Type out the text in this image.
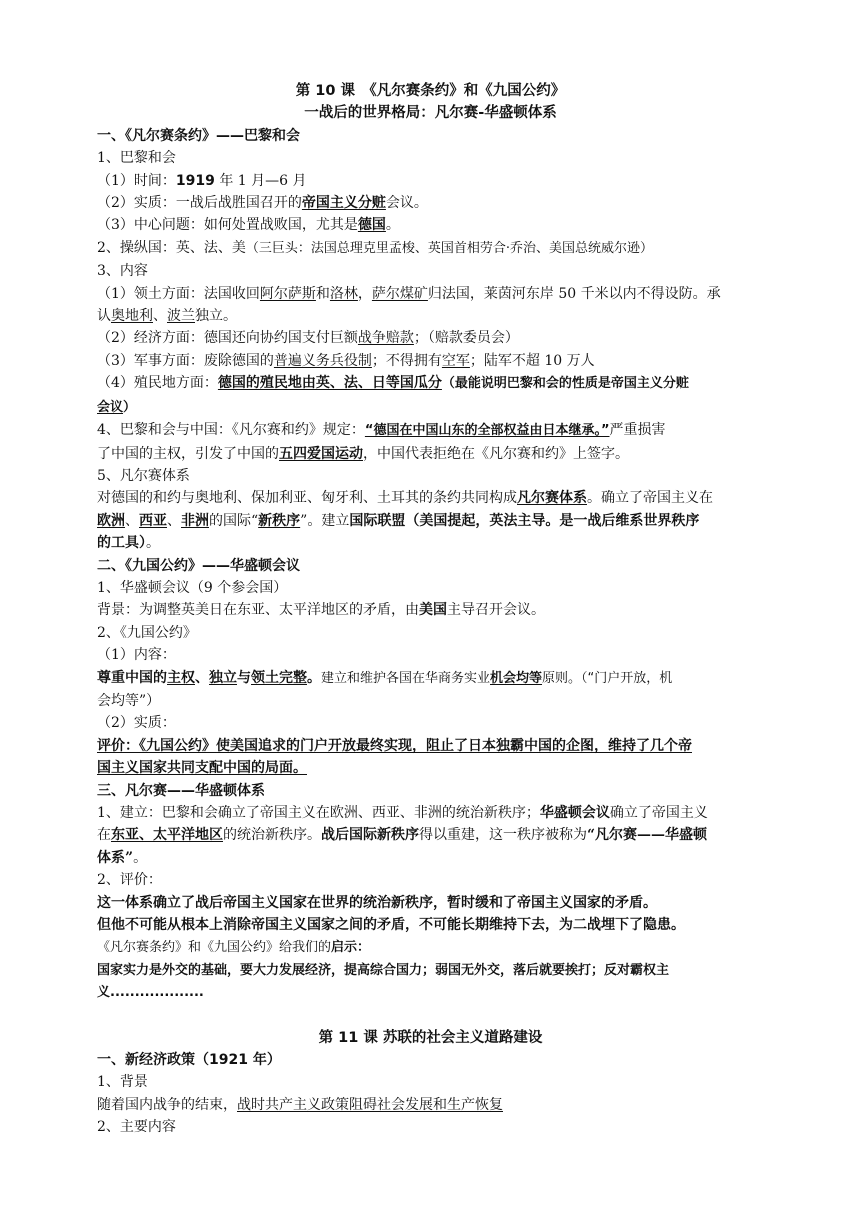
第 10 课　《凡尔赛条约》和《九国公约》
一战后的世界格局：凡尔赛-华盛顿体系
一、《凡尔赛条约》——巴黎和会
1、巴黎和会
（1）时间：1919 年 1 月—6 月
（2）实质：一战后战胜国召开的帝国主义分赃会议。
（3）中心问题：如何处置战败国，尤其是德国。
2、操纵国：英、法、美（三巨头：法国总理克里孟梭、英国首相劳合·乔治、美国总统威尔逊）
3、内容
（1）领土方面：法国收回阿尔萨斯和洛林，萨尔煤矿归法国，莱茵河东岸 50 千米以内不得设防。承
认奥地利、波兰独立。
（2）经济方面：德国还向协约国支付巨额战争赔款；（赔款委员会）
（3）军事方面：废除德国的普遍义务兵役制；不得拥有空军；陆军不超 10 万人
（4）殖民地方面：德国的殖民地由英、法、日等国瓜分（最能说明巴黎和会的性质是帝国主义分赃
会议）
4、巴黎和会与中国：《凡尔赛和约》规定：“德国在中国山东的全部权益由日本继承。”严重损害
了中国的主权，引发了中国的五四爱国运动，中国代表拒绝在《凡尔赛和约》上签字。
5、凡尔赛体系
对德国的和约与奥地利、保加利亚、匈牙利、土耳其的条约共同构成凡尔赛体系。确立了帝国主义在
欧洲、西亚、非洲的国际“新秩序”。建立国际联盟（美国提起，英法主导。是一战后维系世界秩序
的工具）。
二、《九国公约》——华盛顿会议
1、华盛顿会议（9 个参会国）
背景：为调整英美日在东亚、太平洋地区的矛盾，由美国主导召开会议。
2、《九国公约》
（1）内容：
尊重中国的主权、独立与领土完整。建立和维护各国在华商务实业机会均等原则。（“门户开放，机
会均等”）
（2）实质：
评价：《九国公约》使美国追求的门户开放最终实现，阻止了日本独霸中国的企图，维持了几个帝
国主义国家共同支配中国的局面。
三、凡尔赛——华盛顿体系
1、建立：巴黎和会确立了帝国主义在欧洲、西亚、非洲的统治新秩序；华盛顿会议确立了帝国主义
在东亚、太平洋地区的统治新秩序。战后国际新秩序得以重建，这一秩序被称为“凡尔赛——华盛顿
体系”。
2、评价：
这一体系确立了战后帝国主义国家在世界的统治新秩序，暂时缓和了帝国主义国家的矛盾。
但他不可能从根本上消除帝国主义国家之间的矛盾，不可能长期维持下去，为二战埋下了隐患。
《凡尔赛条约》和《九国公约》给我们的启示：
国家实力是外交的基础，要大力发展经济，提高综合国力；弱国无外交，落后就要挨打；反对霸权主
义...................
第 11 课 苏联的社会主义道路建设
一、新经济政策（1921 年）
1、背景
随着国内战争的结束，战时共产主义政策阻碍社会发展和生产恢复
2、主要内容
